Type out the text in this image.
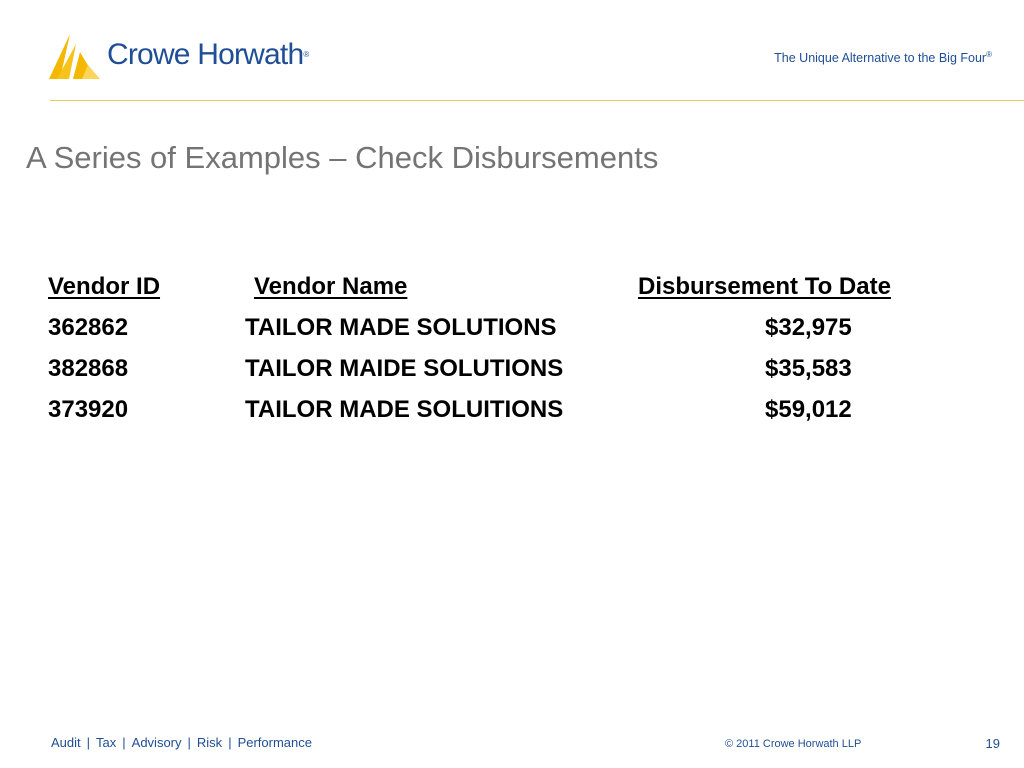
Crowe Horwath®	The Unique Alternative to the Big Four®
A Series of Examples – Check Disbursements
Vendor ID	Vendor Name	Disbursement To Date
362862	TAILOR MADE SOLUTIONS	$32,975
382868	TAILOR MAIDE SOLUTIONS	$35,583
373920	TAILOR MADE SOLUITIONS	$59,012
Audit | Tax | Advisory | Risk | Performance	© 2011 Crowe Horwath LLP	19
